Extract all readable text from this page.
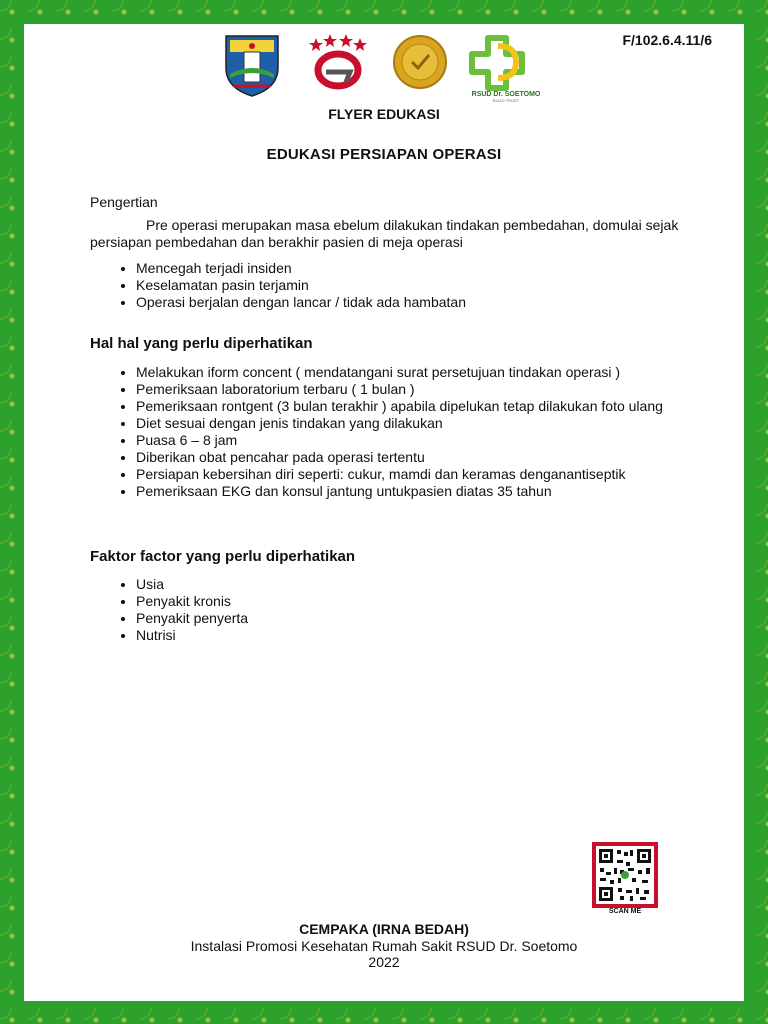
F/102.6.4.11/6
RSUD Dr. SOETOMO
BUILD TRUST
FLYER EDUKASI
EDUKASI PERSIAPAN OPERASI
Pengertian
Pre operasi merupakan masa ebelum dilakukan tindakan pembedahan, domulai sejak persiapan pembedahan dan berakhir pasien di meja operasi
• Mencegah terjadi insiden
• Keselamatan pasin terjamin
• Operasi berjalan dengan lancar / tidak ada hambatan
Hal hal yang perlu diperhatikan
• Melakukan iform concent ( mendatangani surat persetujuan tindakan operasi )
• Pemeriksaan laboratorium terbaru ( 1 bulan )
• Pemeriksaan rontgent (3 bulan terakhir ) apabila dipelukan tetap dilakukan foto ulang
• Diet sesuai dengan jenis tindakan yang dilakukan
• Puasa 6 – 8 jam
• Diberikan obat pencahar pada operasi tertentu
• Persiapan kebersihan diri seperti: cukur, mamdi dan keramas denganantiseptik
• Pemeriksaan EKG dan konsul jantung untukpasien diatas 35 tahun
Faktor factor yang perlu diperhatikan
• Usia
• Penyakit kronis
• Penyakit penyerta
• Nutrisi
SCAN ME
CEMPAKA (IRNA BEDAH)
Instalasi Promosi Kesehatan Rumah Sakit RSUD Dr. Soetomo
2022
